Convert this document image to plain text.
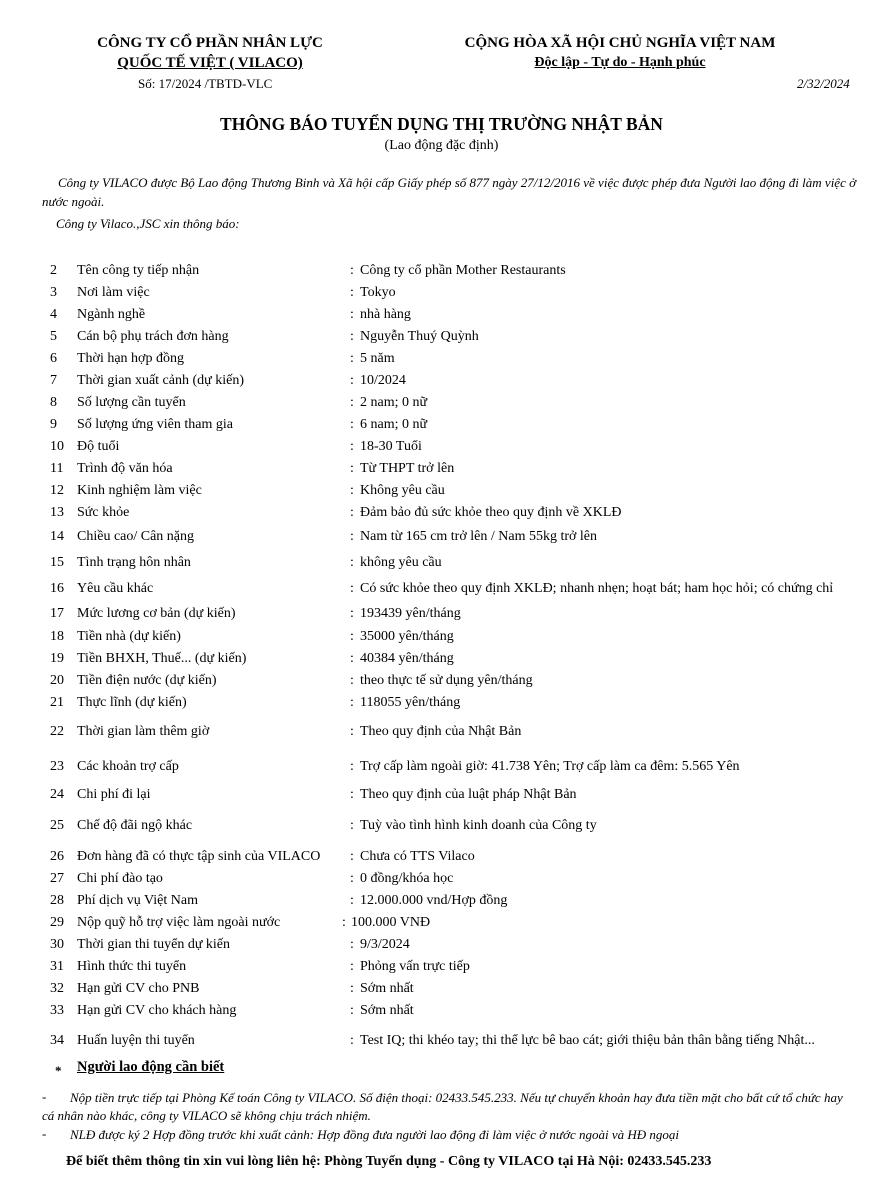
CÔNG TY CỔ PHẦN NHÂN LỰC
QUỐC TẾ VIỆT ( VILACO)
Số: 17/2024 /TBTD-VLC
CỘNG HÒA XÃ HỘI CHỦ NGHĨA VIỆT NAM
Độc lập - Tự do - Hạnh phúc
2/32/2024
THÔNG BÁO TUYỂN DỤNG THỊ TRƯỜNG NHẬT BẢN
(Lao động đặc định)
Công ty VILACO được Bộ Lao động Thương Binh và Xã hội cấp Giấy phép số 877 ngày 27/12/2016 về việc được phép đưa Người lao động đi làm việc ở nước ngoài.
Công ty Vilaco.,JSC xin thông báo:
2 Tên công ty tiếp nhận	: Công ty cổ phần Mother Restaurants
3 Nơi làm việc	: Tokyo
4 Ngành nghề	: nhà hàng
5 Cán bộ phụ trách đơn hàng	: Nguyễn Thuý Quỳnh
6 Thời hạn hợp đồng	: 5 năm
7 Thời gian xuất cảnh (dự kiến)	: 10/2024
8 Số lượng cần tuyển	: 2 nam; 0 nữ
9 Số lượng ứng viên tham gia	: 6 nam; 0 nữ
10 Độ tuổi	: 18-30 Tuổi
11 Trình độ văn hóa	: Từ THPT trở lên
12 Kinh nghiệm làm việc	: Không yêu cầu
13 Sức khỏe	: Đảm bảo đủ sức khỏe theo quy định về XKLĐ
14 Chiều cao/ Cân nặng	: Nam từ 165 cm trở lên / Nam 55kg trở lên
15 Tình trạng hôn nhân	: không yêu cầu
16 Yêu cầu khác	: Có sức khỏe theo quy định XKLĐ; nhanh nhẹn; hoạt bát; ham học hỏi; có chứng chỉ
17 Mức lương cơ bản (dự kiến)	: 193439 yên/tháng
18 Tiền nhà (dự kiến)	: 35000 yên/tháng
19 Tiền BHXH, Thuế... (dự kiến)	: 40384 yên/tháng
20 Tiền điện nước (dự kiến)	: theo thực tế sử dụng yên/tháng
21 Thực lĩnh (dự kiến)	: 118055 yên/tháng
22 Thời gian làm thêm giờ	: Theo quy định của Nhật Bản
23 Các khoản trợ cấp	: Trợ cấp làm ngoài giờ: 41.738 Yên; Trợ cấp làm ca đêm: 5.565 Yên
24 Chi phí đi lại	: Theo quy định của luật pháp Nhật Bản
25 Chế độ đãi ngộ khác	: Tuỳ vào tình hình kinh doanh của Công ty
26 Đơn hàng đã có thực tập sinh của VILACO : Chưa có TTS Vilaco
27 Chi phí đào tạo	: 0 đồng/khóa học
28 Phí dịch vụ Việt Nam	: 12.000.000 vnd/Hợp đồng
29 Nộp quỹ hỗ trợ việc làm ngoài nước	: 100.000 VNĐ
30 Thời gian thi tuyển dự kiến	: 9/3/2024
31 Hình thức thi tuyển	: Phỏng vấn trực tiếp
32 Hạn gửi CV cho PNB	: Sớm nhất
33 Hạn gửi CV cho khách hàng	: Sớm nhất
34 Huấn luyện thi tuyển	: Test IQ; thi khéo tay; thi thể lực bê bao cát; giới thiệu bản thân bằng tiếng Nhật...
* Người lao động cần biết
-	Nộp tiền trực tiếp tại Phòng Kế toán Công ty VILACO. Số điện thoại: 02433.545.233. Nếu tự chuyển khoản hay đưa tiền mặt cho bất cứ tổ chức hay cá nhân nào khác, công ty VILACO sẽ không chịu trách nhiệm.
- NLĐ được ký 2 Hợp đồng trước khi xuất cảnh: Hợp đồng đưa người lao động đi làm việc ở nước ngoài và HĐ ngoại
Để biết thêm thông tin xin vui lòng liên hệ: Phòng Tuyển dụng - Công ty VILACO tại Hà Nội: 02433.545.233
